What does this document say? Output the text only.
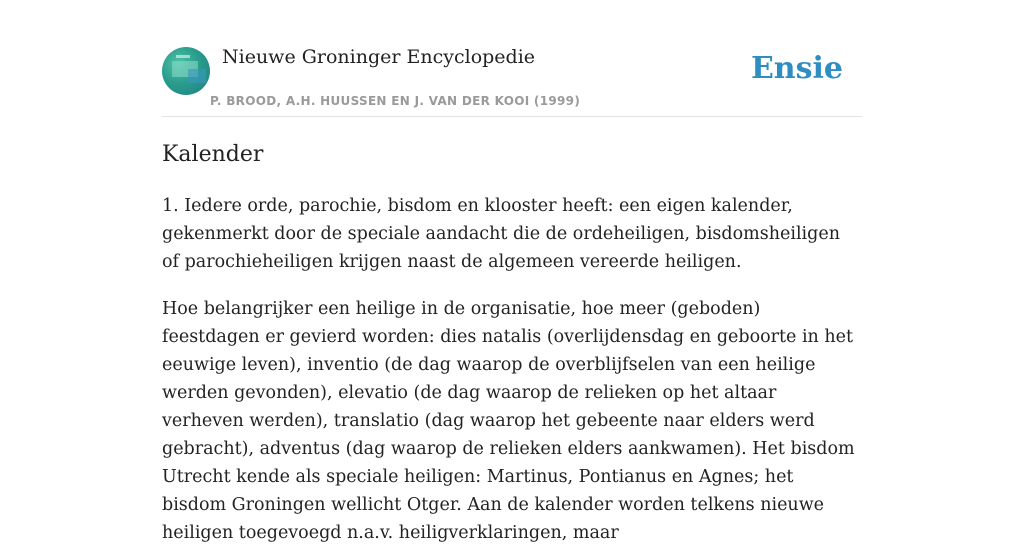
Nieuwe Groninger Encyclopedie
P. BROOD, A.H. HUUSSEN EN J. VAN DER KOOI (1999)
Ensie
Kalender

1. Iedere orde, parochie, bisdom en klooster heeft: een eigen kalender, gekenmerkt door de speciale aandacht die de ordeheiligen, bisdomsheiligen of parochieheiligen krijgen naast de algemeen vereerde heiligen.

Hoe belangrijker een heilige in de organisatie, hoe meer (geboden) feestdagen er gevierd worden: dies natalis (overlijdensdag en geboorte in het eeuwige leven), inventio (de dag waarop de overblijfselen van een heilige werden gevonden), elevatio (de dag waarop de relieken op het altaar verheven werden), translatio (dag waarop het gebeente naar elders werd gebracht), adventus (dag waarop de relieken elders aankwamen). Het bisdom Utrecht kende als speciale heiligen: Martinus, Pontianus en Agnes; het bisdom Groningen wellicht Otger. Aan de kalender worden telkens nieuwe heiligen toegevoegd n.a.v. heiligverklaringen, maar
